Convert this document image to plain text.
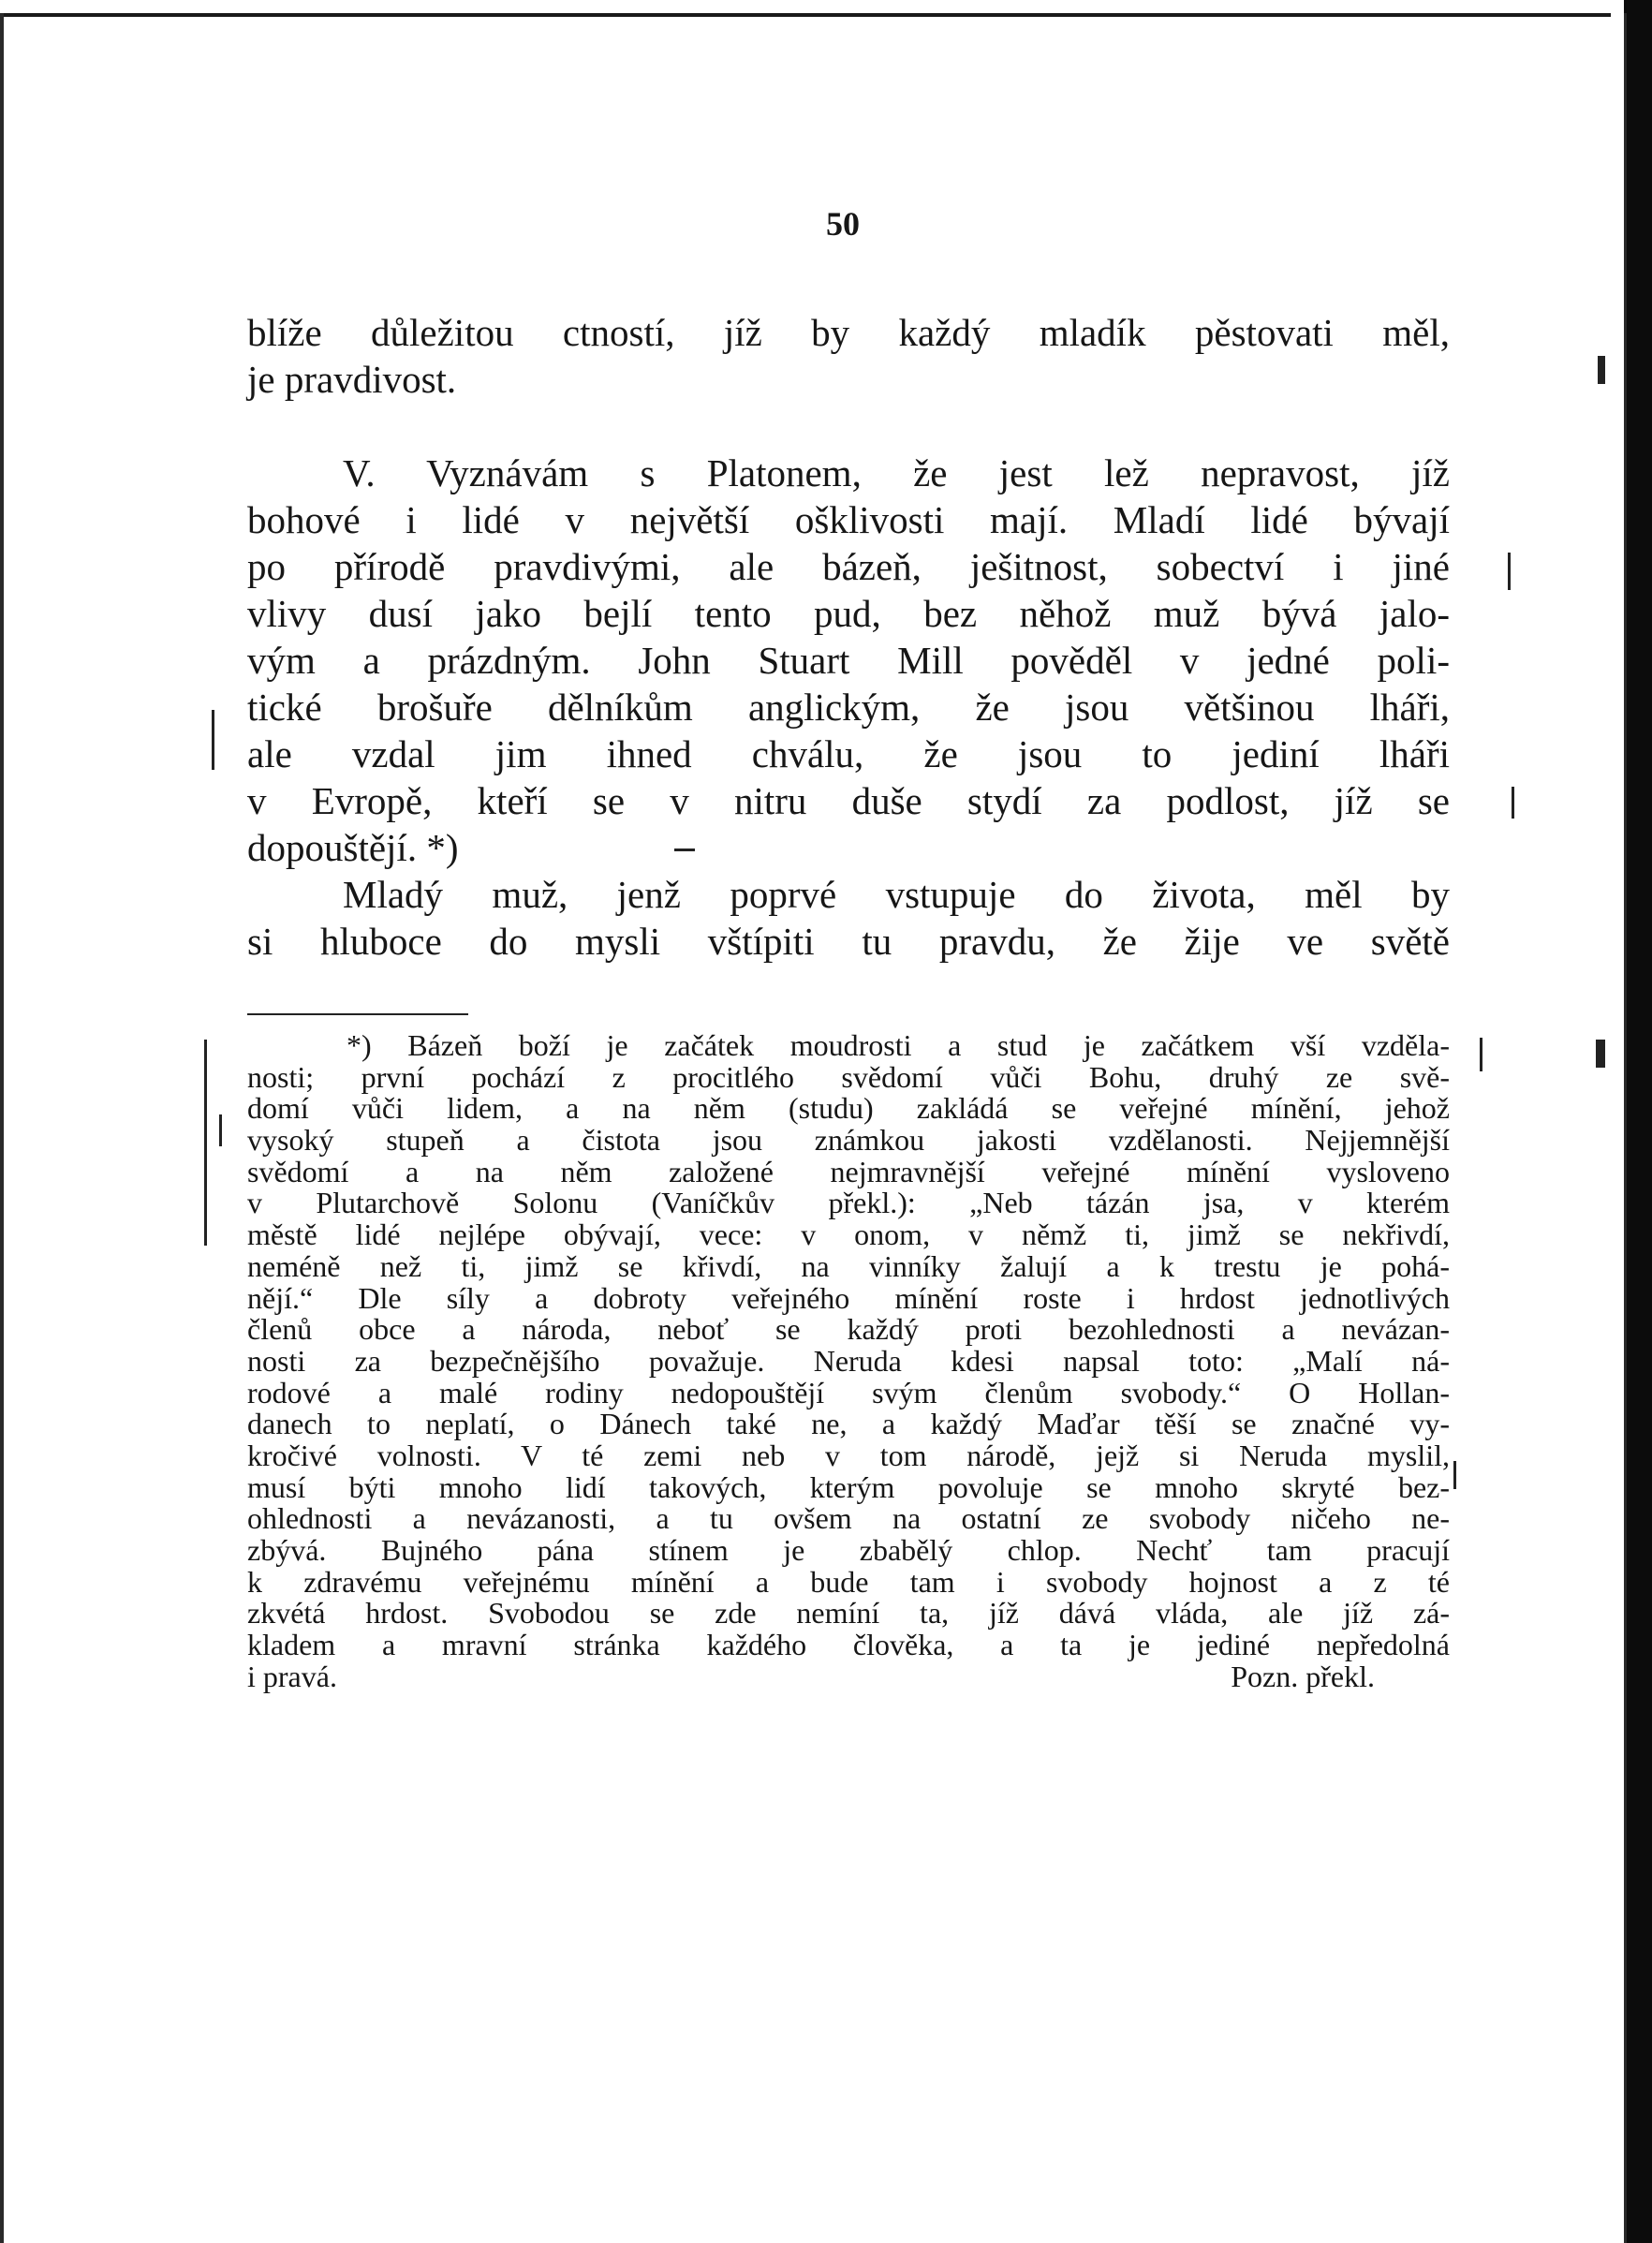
50
blíže důležitou ctností, jíž by každý mladík pěstovati měl,
je pravdivost.
V. Vyznávám s Platonem, že jest lež nepravost, jíž
bohové i lidé v největší ošklivosti mají. Mladí lidé bývají
po přírodě pravdivými, ale bázeň, ješitnost, sobectví i jiné
vlivy dusí jako bejlí tento pud, bez něhož muž bývá jalo-
vým a prázdným. John Stuart Mill pověděl v jedné poli-
tické brošuře dělníkům anglickým, že jsou většinou lháři,
ale vzdal jim ihned chválu, že jsou to jediní lháři
v Evropě, kteří se v nitru duše stydí za podlost, jíž se
dopouštějí. *)
Mladý muž, jenž poprvé vstupuje do života, měl by
si hluboce do mysli vštípiti tu pravdu, že žije ve světě
*) Bázeň boží je začátek moudrosti a stud je začátkem vší vzděla-
nosti; první pochází z procitlého svědomí vůči Bohu, druhý ze svě-
domí vůči lidem, a na něm (studu) zakládá se veřejné mínění, jehož
vysoký stupeň a čistota jsou známkou jakosti vzdělanosti. Nejjemnější
svědomí a na něm založené nejmravnější veřejné mínění vysloveno
v Plutarchově Solonu (Vaníčkův překl.): „Neb tázán jsa, v kterém
městě lidé nejlépe obývají, vece: v onom, v němž ti, jimž se nekřivdí,
neméně než ti, jimž se křivdí, na vinníky žalují a k trestu je pohá-
nějí.“ Dle síly a dobroty veřejného mínění roste i hrdost jednotlivých
členů obce a národa, neboť se každý proti bezohlednosti a nevázan-
nosti za bezpečnějšího považuje. Neruda kdesi napsal toto: „Malí ná-
rodové a malé rodiny nedopouštějí svým členům svobody.“ O Hollan-
danech to neplatí, o Dánech také ne, a každý Maďar těší se značné vy-
kročivé volnosti. V té zemi neb v tom národě, jejž si Neruda myslil,
musí býti mnoho lidí takových, kterým povoluje se mnoho skryté bez-
ohlednosti a nevázanosti, a tu ovšem na ostatní ze svobody ničeho ne-
zbývá. Bujného pána stínem je zbabělý chlop. Nechť tam pracují
k zdravému veřejnému mínění a bude tam i svobody hojnost a z té
zkvétá hrdost. Svobodou se zde nemíní ta, jíž dává vláda, ale jíž zá-
kladem a mravní stránka každého člověka, a ta je jediné nepředolná
i pravá.	Pozn. překl.
